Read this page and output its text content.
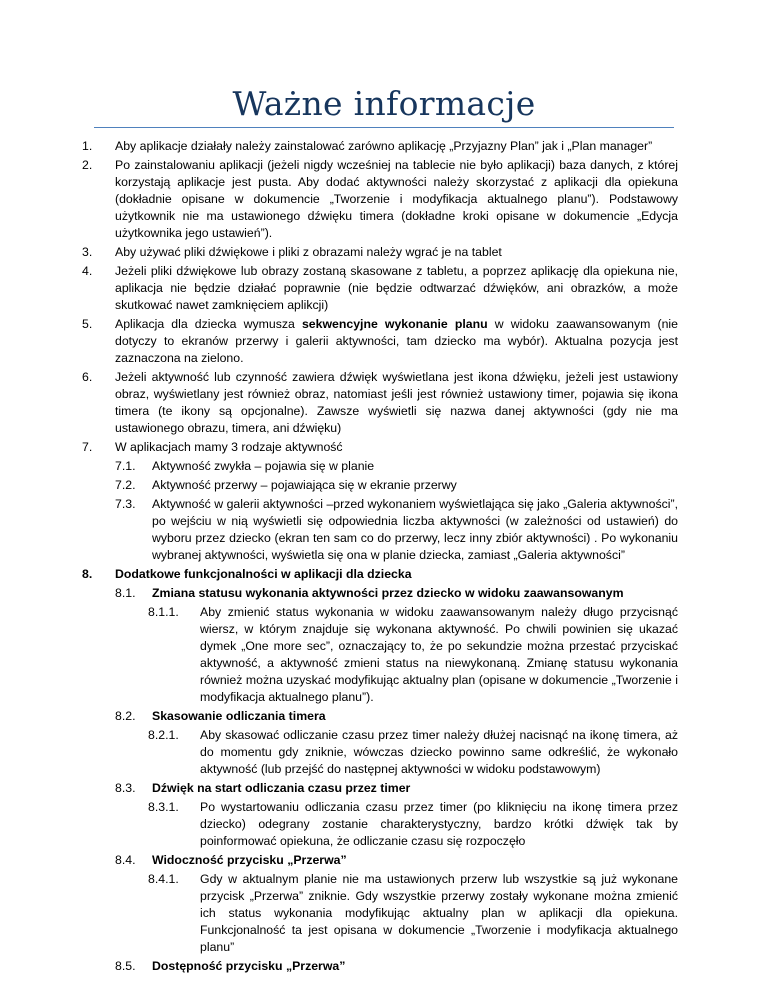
Ważne informacje
1. Aby aplikacje działały należy zainstalować zarówno aplikację „Przyjazny Plan” jak i „Plan manager”
2. Po zainstalowaniu aplikacji (jeżeli nigdy wcześniej na tablecie nie było aplikacji) baza danych, z której korzystają aplikacje jest pusta. Aby dodać aktywności należy skorzystać z aplikacji dla opiekuna (dokładnie opisane w dokumencie „Tworzenie i modyfikacja aktualnego planu”). Podstawowy użytkownik nie ma ustawionego dźwięku timera (dokładne kroki opisane w dokumencie „Edycja użytkownika jego ustawień”).
3. Aby używać pliki dźwiękowe i pliki z obrazami należy wgrać je na tablet
4. Jeżeli pliki dźwiękowe lub obrazy zostaną skasowane z tabletu, a poprzez aplikację dla opiekuna nie, aplikacja nie będzie działać poprawnie (nie będzie odtwarzać dźwięków, ani obrazków, a może skutkować nawet zamknięciem aplikcji)
5. Aplikacja dla dziecka wymusza sekwencyjne wykonanie planu w widoku zaawansowanym (nie dotyczy to ekranów przerwy i galerii aktywności, tam dziecko ma wybór). Aktualna pozycja jest zaznaczona na zielono.
6. Jeżeli aktywność lub czynność zawiera dźwięk wyświetlana jest ikona dźwięku, jeżeli jest ustawiony obraz, wyświetlany jest również obraz, natomiast jeśli jest również ustawiony timer, pojawia się ikona timera (te ikony są opcjonalne). Zawsze wyświetli się nazwa danej aktywności (gdy nie ma ustawionego obrazu, timera, ani dźwięku)
7. W aplikacjach mamy 3 rodzaje aktywność
7.1. Aktywność zwykła – pojawia się w planie
7.2. Aktywność przerwy – pojawiająca się w ekranie przerwy
7.3. Aktywność w galerii aktywności –przed wykonaniem wyświetlająca się jako „Galeria aktywności”, po wejściu w nią wyświetli się odpowiednia liczba aktywności (w zależności od ustawień) do wyboru przez dziecko (ekran ten sam co do przerwy, lecz inny zbiór aktywności) . Po wykonaniu wybranej aktywności, wyświetla się ona w planie dziecka, zamiast „Galeria aktywności”
8. Dodatkowe funkcjonalności w aplikacji dla dziecka
8.1. Zmiana statusu wykonania aktywności przez dziecko w widoku zaawansowanym
8.1.1. Aby zmienić status wykonania w widoku zaawansowanym należy długo przycisnąć wiersz, w którym znajduje się wykonana aktywność. Po chwili powinien się ukazać dymek „One more sec”, oznaczający to, że po sekundzie można przestać przyciskać aktywność, a aktywność zmieni status na niewykonaną. Zmianę statusu wykonania również można uzyskać modyfikując aktualny plan (opisane w dokumencie „Tworzenie i modyfikacja aktualnego planu”).
8.2. Skasowanie odliczania timera
8.2.1. Aby skasować odliczanie czasu przez timer należy dłużej nacisnąć na ikonę timera, aż do momentu gdy zniknie, wówczas dziecko powinno same odkreślić, że wykonało aktywność (lub przejść do następnej aktywności w widoku podstawowym)
8.3. Dźwięk na start odliczania czasu przez timer
8.3.1. Po wystartowaniu odliczania czasu przez timer (po kliknięciu na ikonę timera przez dziecko) odegrany zostanie charakterystyczny, bardzo krótki dźwięk tak by poinformować opiekuna, że odliczanie czasu się rozpoczęło
8.4. Widoczność przycisku „Przerwa”
8.4.1. Gdy w aktualnym planie nie ma ustawionych przerw lub wszystkie są już wykonane przycisk „Przerwa” zniknie. Gdy wszystkie przerwy zostały wykonane można zmienić ich status wykonania modyfikując aktualny plan w aplikacji dla opiekuna. Funkcjonalność ta jest opisana w dokumencie „Tworzenie i modyfikacja aktualnego planu”
8.5. Dostępność przycisku „Przerwa”
